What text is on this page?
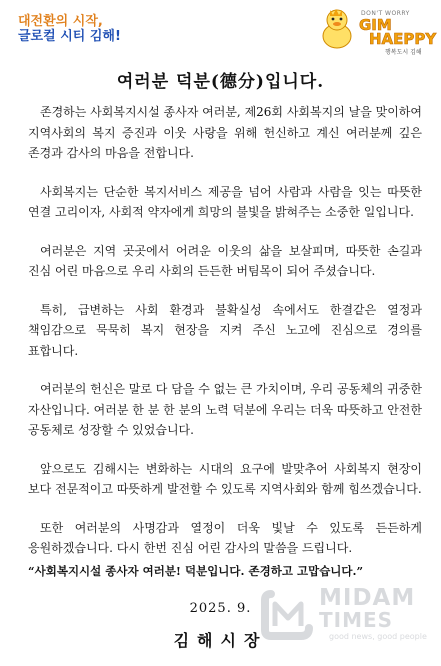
대전환의 시작,
글로컬 시티 김해!
DON'T WORRY
GIM
HAEPPY
행복도시 김해
여러분 덕분(德分)입니다.

존경하는 사회복지시설 종사자 여러분, 제26회 사회복지의 날을 맞이하여 지역사회의 복지 증진과 이웃 사랑을 위해 헌신하고 계신 여러분께 깊은 존경과 감사의 마음을 전합니다.

사회복지는 단순한 복지서비스 제공을 넘어 사람과 사람을 잇는 따뜻한 연결 고리이자, 사회적 약자에게 희망의 불빛을 밝혀주는 소중한 일입니다.

여러분은 지역 곳곳에서 어려운 이웃의 삶을 보살피며, 따뜻한 손길과 진심 어린 마음으로 우리 사회의 든든한 버팀목이 되어 주셨습니다.

특히, 급변하는 사회 환경과 불확실성 속에서도 한결같은 열정과 책임감으로 묵묵히 복지 현장을 지켜 주신 노고에 진심으로 경의를 표합니다.

여러분의 헌신은 말로 다 담을 수 없는 큰 가치이며, 우리 공동체의 귀중한 자산입니다. 여러분 한 분 한 분의 노력 덕분에 우리는 더욱 따뜻하고 안전한 공동체로 성장할 수 있었습니다.

앞으로도 김해시는 변화하는 시대의 요구에 발맞추어 사회복지 현장이 보다 전문적이고 따뜻하게 발전할 수 있도록 지역사회와 함께 힘쓰겠습니다.

또한 여러분의 사명감과 열정이 더욱 빛날 수 있도록 든든하게 응원하겠습니다. 다시 한번 진심 어린 감사의 말씀을 드립니다.

“사회복지시설 종사자 여러분! 덕분입니다. 존경하고 고맙습니다.”
2025. 9.
김해시장
MIDAM
TIMES
good news, good people
